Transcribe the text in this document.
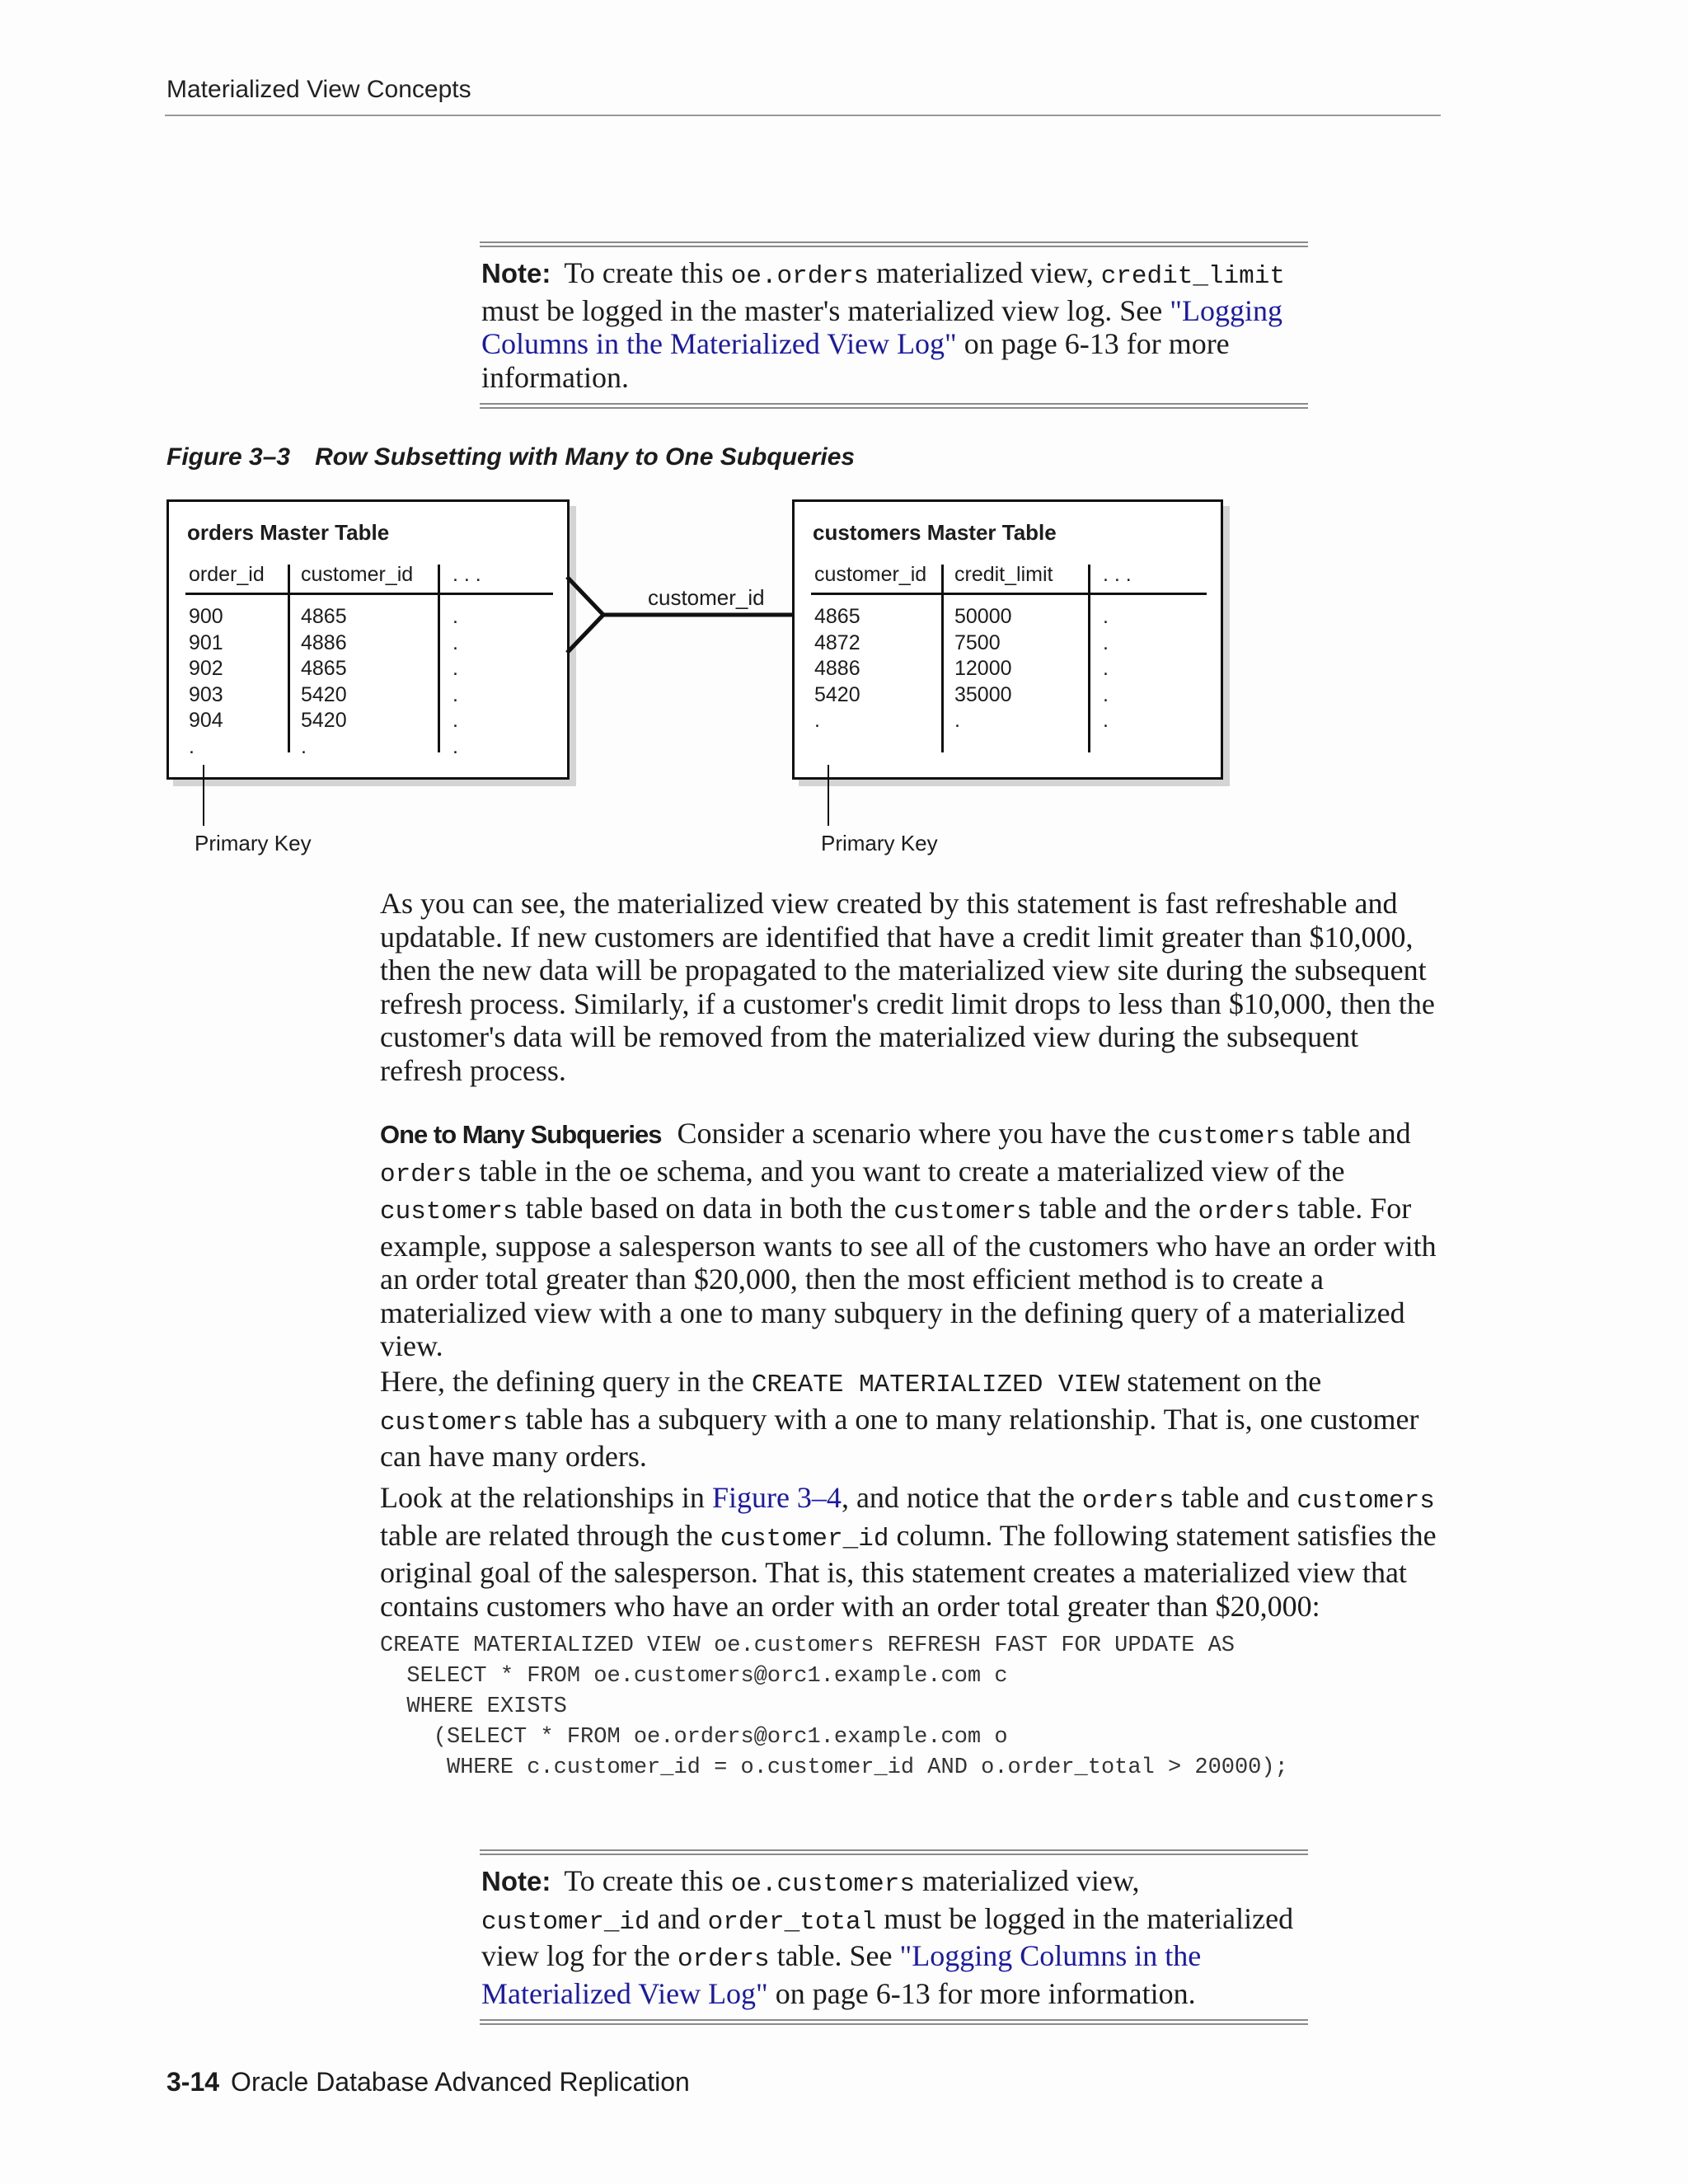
Materialized View Concepts
Note: To create this oe.orders materialized view, credit_limit must be logged in the master's materialized view log. See "Logging Columns in the Materialized View Log" on page 6-13 for more information.
Figure 3–3 Row Subsetting with Many to One Subqueries
orders Master Table
order_id customer_id . . .
900
901
902
903
904
.
4865
4886
4865
5420
5420
.
.
.
.
.
.
.
customers Master Table
customer_id credit_limit . . .
4865
4872
4886
5420
.
50000
7500
12000
35000
.
.
.
.
.
.
customer_id
Primary Key	Primary Key

As you can see, the materialized view created by this statement is fast refreshable and updatable. If new customers are identified that have a credit limit greater than $10,000, then the new data will be propagated to the materialized view site during the subsequent refresh process. Similarly, if a customer's credit limit drops to less than $10,000, then the customer's data will be removed from the materialized view during the subsequent refresh process.

One to Many Subqueries Consider a scenario where you have the customers table and orders table in the oe schema, and you want to create a materialized view of the customers table based on data in both the customers table and the orders table. For example, suppose a salesperson wants to see all of the customers who have an order with an order total greater than $20,000, then the most efficient method is to create a materialized view with a one to many subquery in the defining query of a materialized view.

Here, the defining query in the CREATE MATERIALIZED VIEW statement on the customers table has a subquery with a one to many relationship. That is, one customer can have many orders.

Look at the relationships in Figure 3–4, and notice that the orders table and customers table are related through the customer_id column. The following statement satisfies the original goal of the salesperson. That is, this statement creates a materialized view that contains customers who have an order with an order total greater than $20,000:

CREATE MATERIALIZED VIEW oe.customers REFRESH FAST FOR UPDATE AS
SELECT * FROM oe.customers@orc1.example.com c
WHERE EXISTS
(SELECT * FROM oe.orders@orc1.example.com o
WHERE c.customer_id = o.customer_id AND o.order_total > 20000);
Note: To create this oe.customers materialized view, customer_id and order_total must be logged in the materialized view log for the orders table. See "Logging Columns in the Materialized View Log" on page 6-13 for more information.
3-14 Oracle Database Advanced Replication
